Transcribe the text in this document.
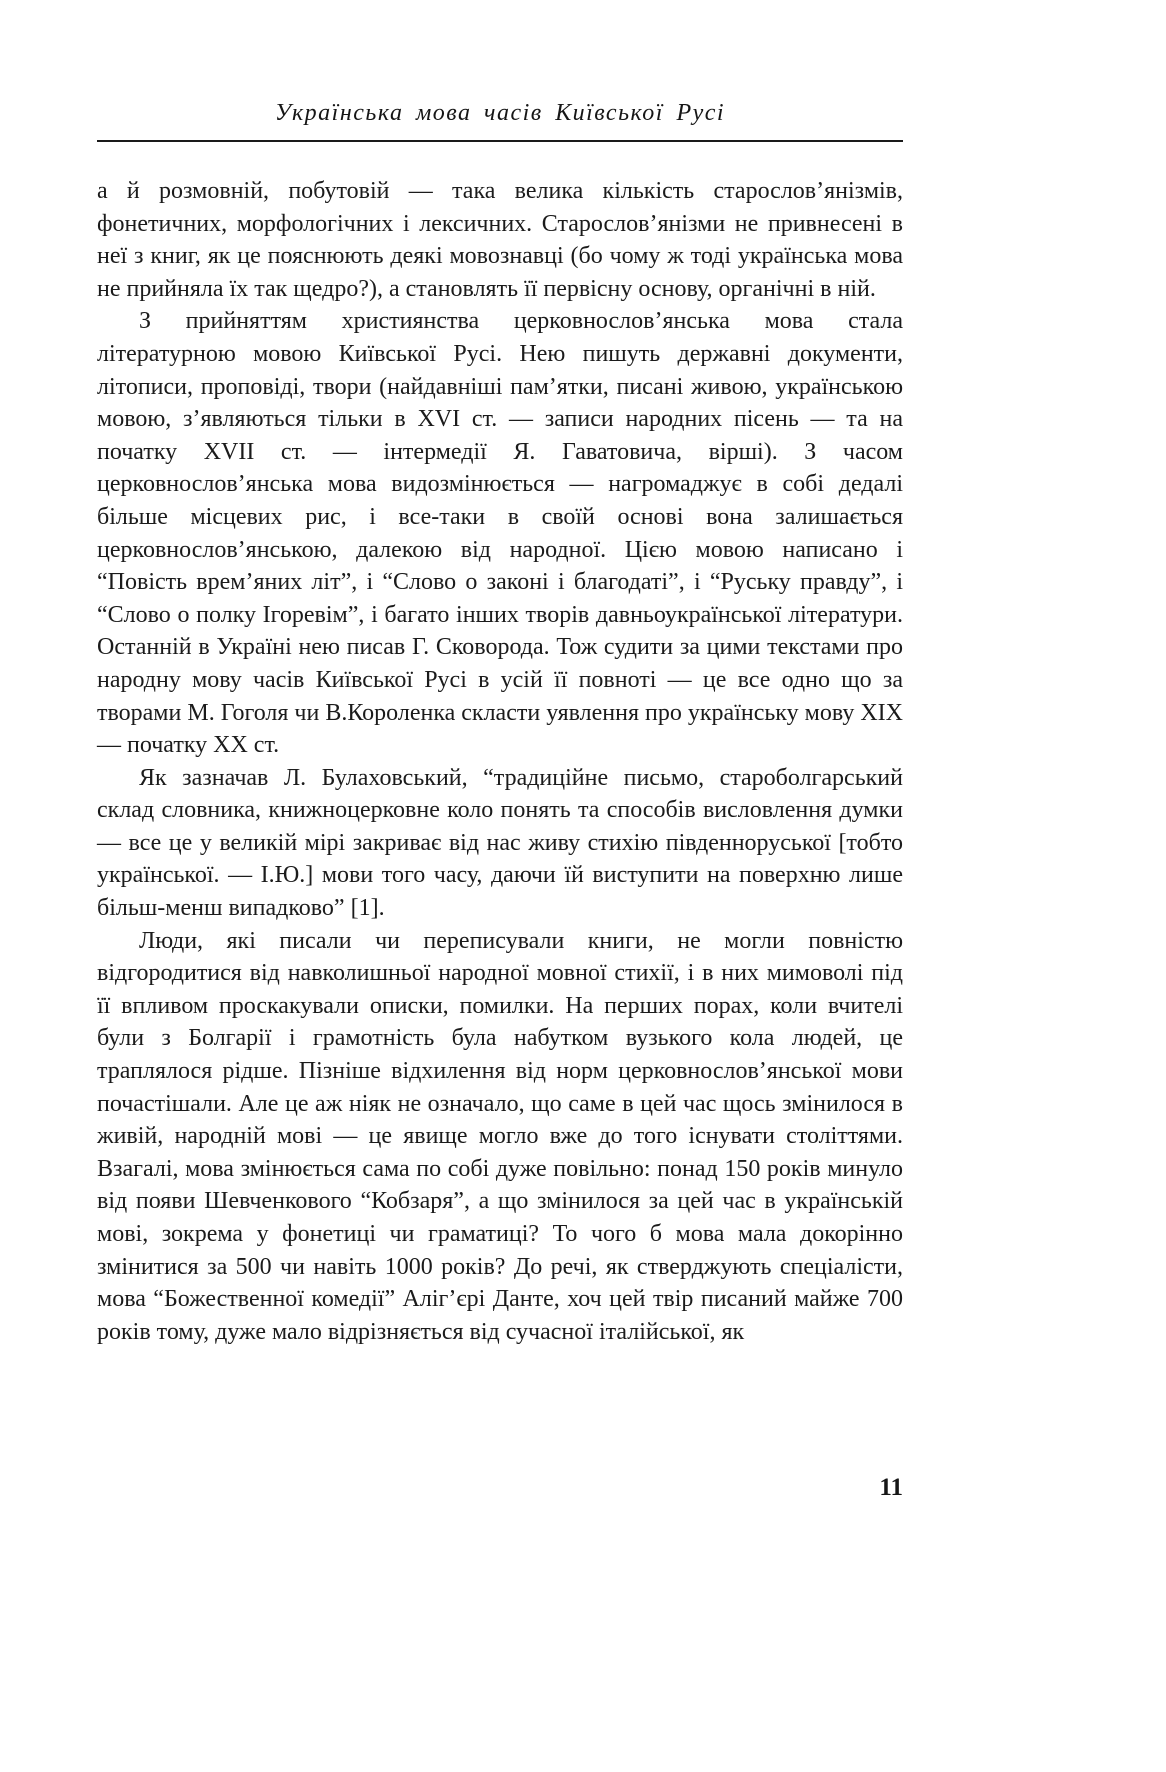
Українська мова часів Київської Русі

а й розмовній, побутовій — така велика кількість старослов’янізмів, фонетичних, морфологічних і лексичних. Старослов’янізми не привнесені в неї з книг, як це пояснюють деякі мовознавці (бо чому ж тоді українська мова не прийняла їх так щедро?), а становлять її первісну основу, органічні в ній.

З прийняттям християнства церковнослов’янська мова стала літературною мовою Київської Русі. Нею пишуть державні документи, літописи, проповіді, твори (найдавніші пам’ятки, писані живою, українською мовою, з’являються тільки в XVI ст. — записи народних пісень — та на початку XVII ст. — інтермедії Я. Гаватовича, вірші). З часом церковнослов’янська мова видозмінюється — нагромаджує в собі дедалі більше місцевих рис, і все-таки в своїй основі вона залишається церковнослов’янською, далекою від народної. Цією мовою написано і “Повість врем’яних літ”, і “Слово о законі і благодаті”, і “Руську правду”, і “Слово о полку Ігоревім”, і багато інших творів давньоукраїнської літератури. Останній в Україні нею писав Г. Сковорода. Тож судити за цими текстами про народну мову часів Київської Русі в усій її повноті — це все одно що за творами М. Гоголя чи В.Короленка скласти уявлення про українську мову XIX — початку XX ст.

Як зазначав Л. Булаховський, “традиційне письмо, староболгарський склад словника, книжноцерковне коло понять та способів висловлення думки — все це у великій мірі закриває від нас живу стихію південноруської [тобто української. — І.Ю.] мови того часу, даючи їй виступити на поверхню лише більш-менш випадково” [1].

Люди, які писали чи переписували книги, не могли повністю відгородитися від навколишньої народної мовної стихії, і в них мимоволі під її впливом проскакували описки, помилки. На перших порах, коли вчителі були з Болгарії і грамотність була набутком вузького кола людей, це траплялося рідше. Пізніше відхилення від норм церковнослов’янської мови почастішали. Але це аж ніяк не означало, що саме в цей час щось змінилося в живій, народній мові — це явище могло вже до того існувати століттями. Взагалі, мова змінюється сама по собі дуже повільно: понад 150 років минуло від появи Шевченкового “Кобзаря”, а що змінилося за цей час в українській мові, зокрема у фонетиці чи граматиці? То чого б мова мала докорінно змінитися за 500 чи навіть 1000 років? До речі, як стверджують спеціалісти, мова “Божественної комедії” Аліг’єрі Данте, хоч цей твір писаний майже 700 років тому, дуже мало відрізняється від сучасної італійської, як

11
